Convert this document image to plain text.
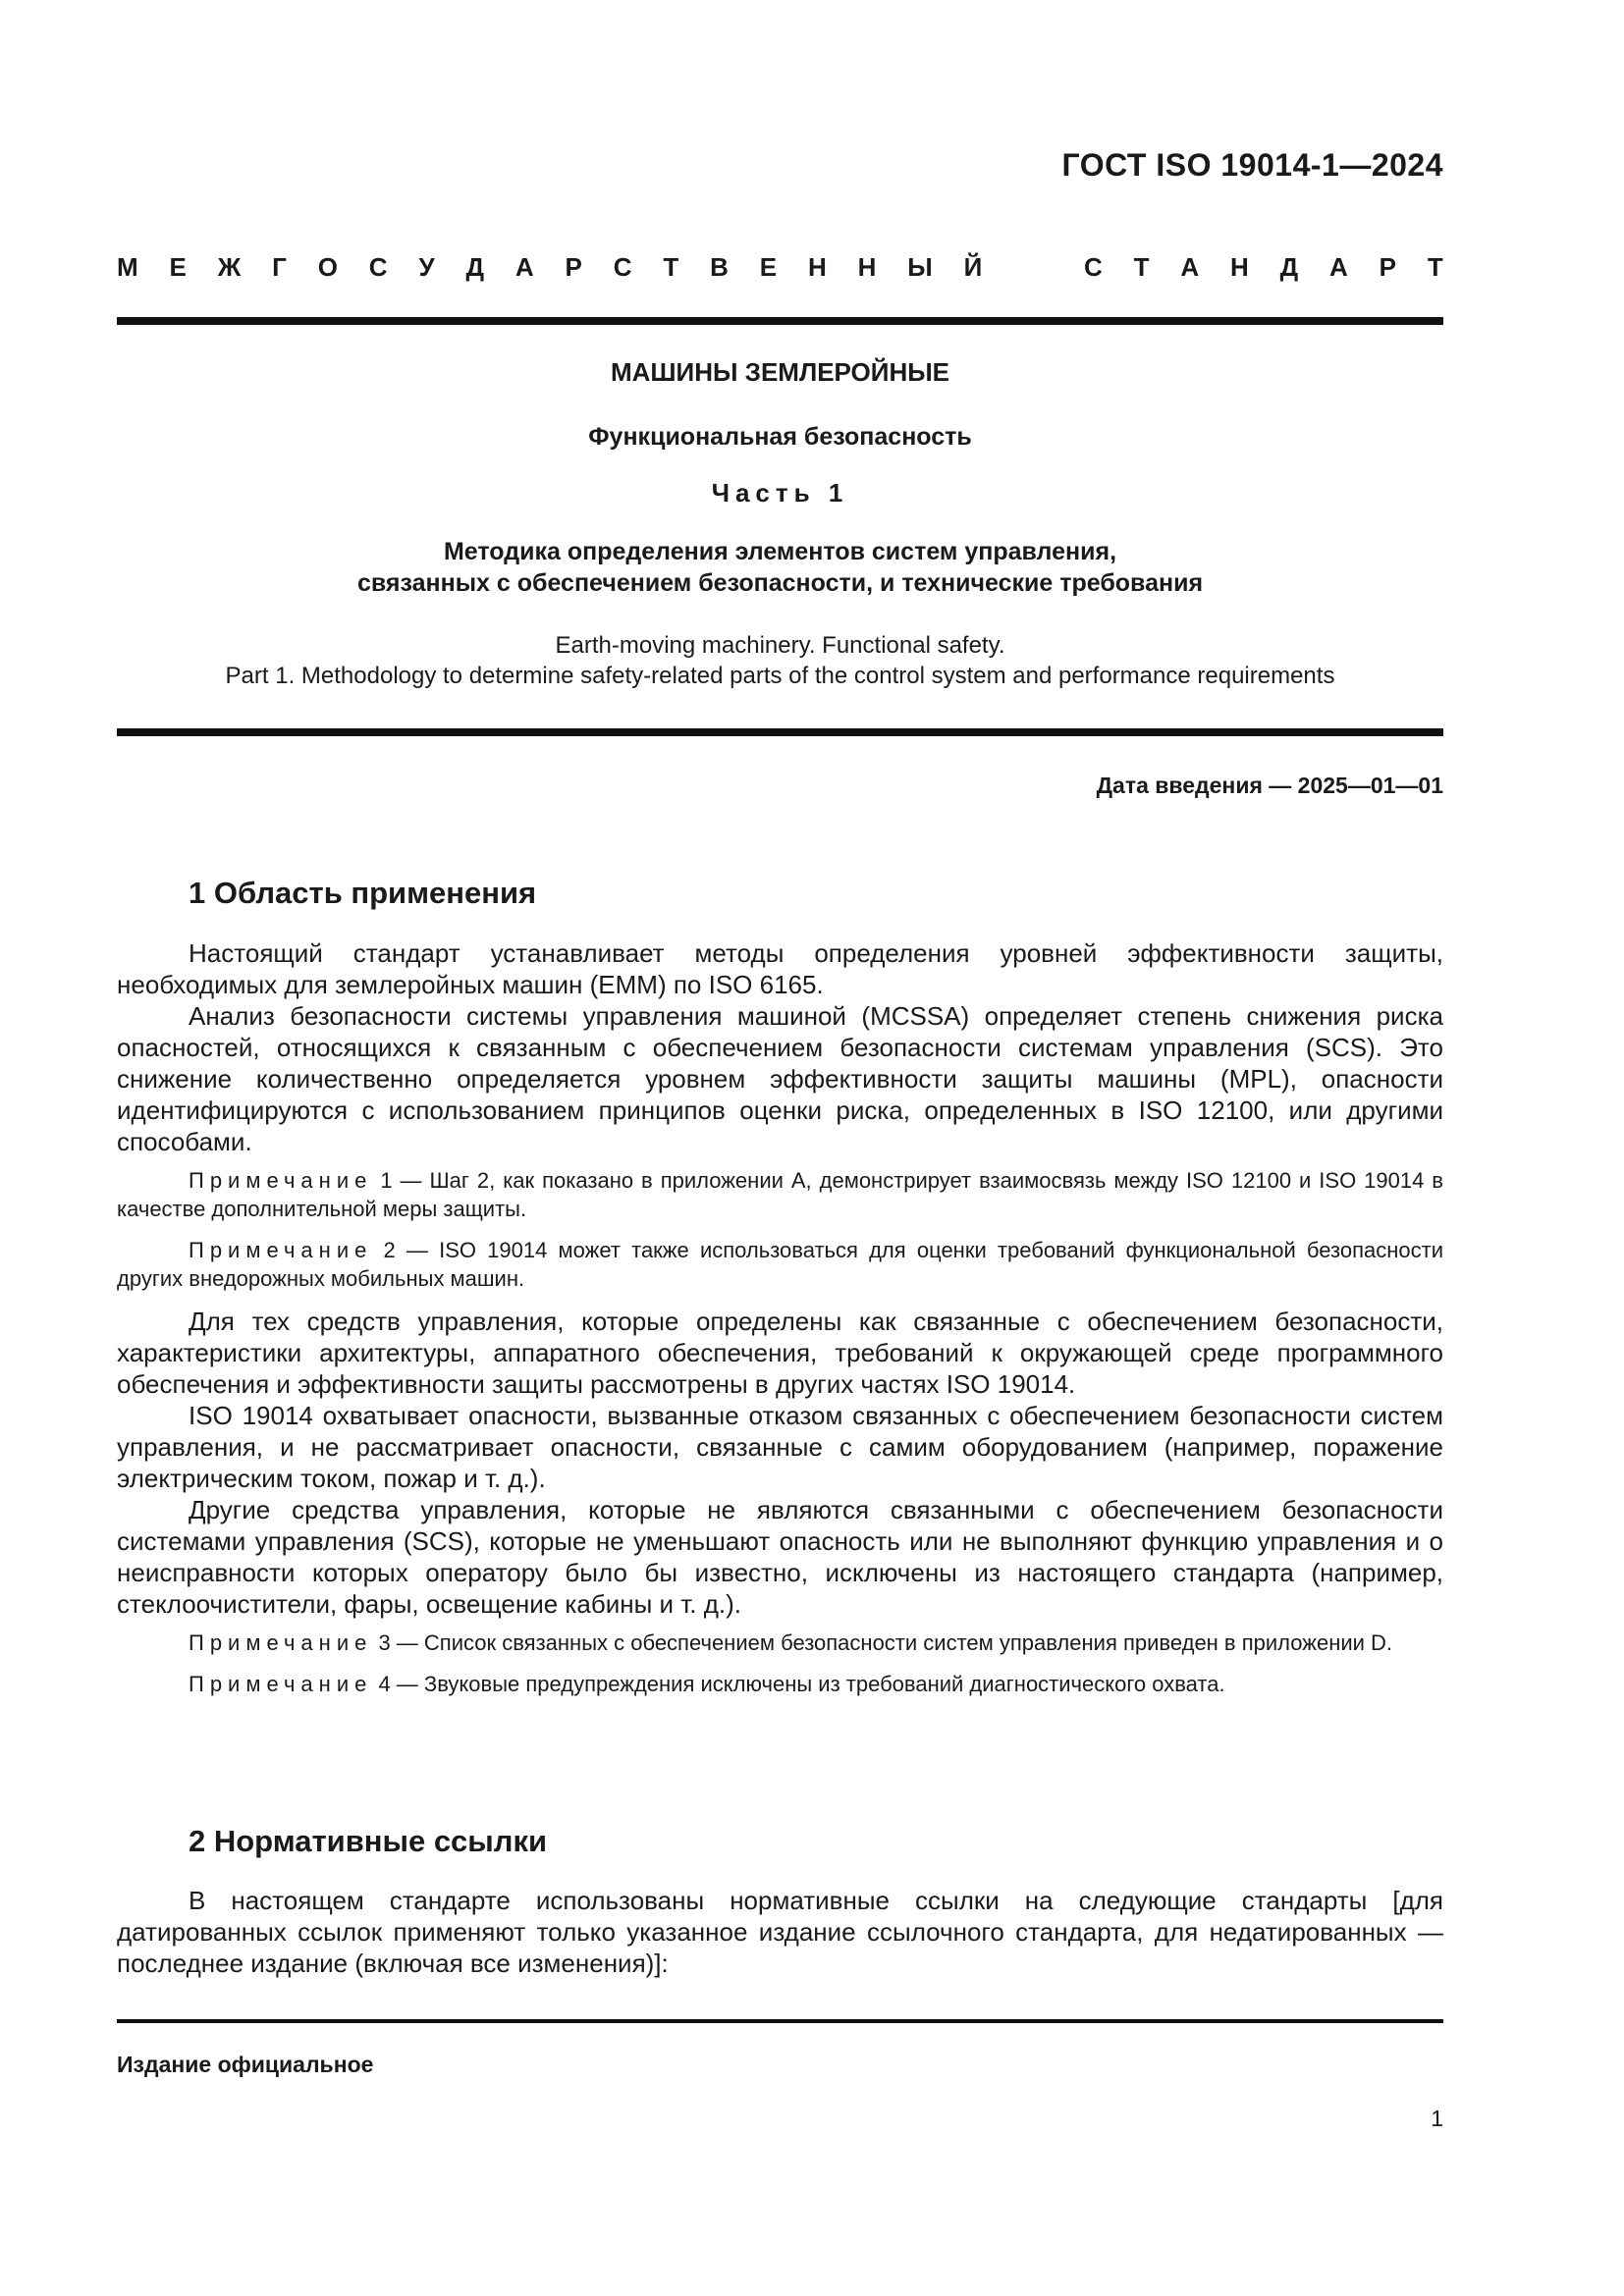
ГОСТ ISO 19014-1—2024
М Е Ж Г О С У Д А Р С Т В Е Н Н Ы Й	С Т А Н Д А Р Т
МАШИНЫ ЗЕМЛЕРОЙНЫЕ
Функциональная безопасность
Часть 1
Методика определения элементов систем управления,
связанных с обеспечением безопасности, и технические требования
Earth-moving machinery. Functional safety.
Part 1. Methodology to determine safety-related parts of the control system and performance requirements
Дата введения — 2025—01—01
1 Область применения

Настоящий стандарт устанавливает методы определения уровней эффективности защиты, необходимых для землеройных машин (ЕММ) по ISO 6165.

Анализ безопасности системы управления машиной (MCSSA) определяет степень снижения риска опасностей, относящихся к связанным с обеспечением безопасности системам управления (SCS). Это снижение количественно определяется уровнем эффективности защиты машины (MPL), опасности идентифицируются с использованием принципов оценки риска, определенных в ISO 12100, или другими способами.

Примечание 1 — Шаг 2, как показано в приложении А, демонстрирует взаимосвязь между ISO 12100 и ISO 19014 в качестве дополнительной меры защиты.

Примечание 2 — ISO 19014 может также использоваться для оценки требований функциональной безопасности других внедорожных мобильных машин.

Для тех средств управления, которые определены как связанные с обеспечением безопасности, характеристики архитектуры, аппаратного обеспечения, требований к окружающей среде программного обеспечения и эффективности защиты рассмотрены в других частях ISO 19014.

ISO 19014 охватывает опасности, вызванные отказом связанных с обеспечением безопасности систем управления, и не рассматривает опасности, связанные с самим оборудованием (например, поражение электрическим током, пожар и т. д.).

Другие средства управления, которые не являются связанными с обеспечением безопасности системами управления (SCS), которые не уменьшают опасность или не выполняют функцию управления и о неисправности которых оператору было бы известно, исключены из настоящего стандарта (например, стеклоочистители, фары, освещение кабины и т. д.).

Примечание 3 — Список связанных с обеспечением безопасности систем управления приведен в приложении D.

Примечание 4 — Звуковые предупреждения исключены из требований диагностического охвата.

2 Нормативные ссылки

В настоящем стандарте использованы нормативные ссылки на следующие стандарты [для датированных ссылок применяют только указанное издание ссылочного стандарта, для недатированных — последнее издание (включая все изменения)]:

Издание официальное
1
